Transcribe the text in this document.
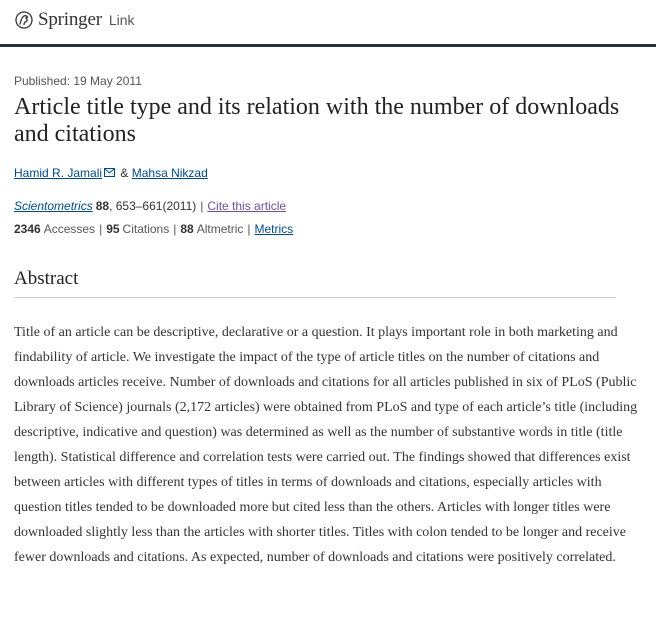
Springer Link
Published: 19 May 2011
Article title type and its relation with the number of downloads and citations
Hamid R. Jamali & Mahsa Nikzad
Scientometrics 88, 653–661(2011) | Cite this article
2346 Accesses | 95 Citations | 88 Altmetric | Metrics
Abstract

Title of an article can be descriptive, declarative or a question. It plays important role in both marketing and findability of article. We investigate the impact of the type of article titles on the number of citations and downloads articles receive. Number of downloads and citations for all articles published in six of PLoS (Public Library of Science) journals (2,172 articles) were obtained from PLoS and type of each article’s title (including descriptive, indicative and question) was determined as well as the number of substantive words in title (title length). Statistical difference and correlation tests were carried out. The findings showed that differences exist between articles with different types of titles in terms of downloads and citations, especially articles with question titles tended to be downloaded more but cited less than the others. Articles with longer titles were downloaded slightly less than the articles with shorter titles. Titles with colon tended to be longer and receive fewer downloads and citations. As expected, number of downloads and citations were positively correlated.
